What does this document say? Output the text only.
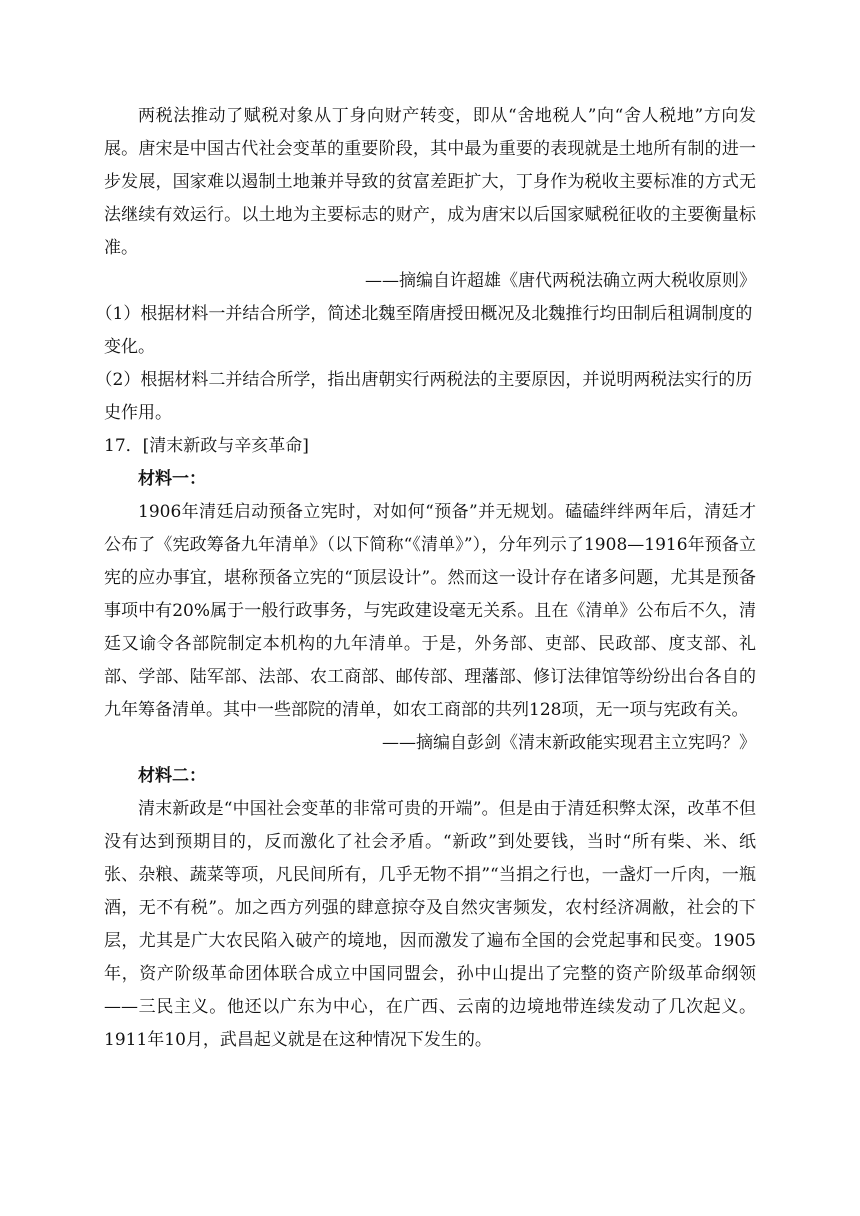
两税法推动了赋税对象从丁身向财产转变，即从“舍地税人”向“舍人税地”方向发展。唐宋是中国古代社会变革的重要阶段，其中最为重要的表现就是土地所有制的进一步发展，国家难以遏制土地兼并导致的贫富差距扩大，丁身作为税收主要标准的方式无法继续有效运行。以土地为主要标志的财产，成为唐宋以后国家赋税征收的主要衡量标准。

——摘编自许超雄《唐代两税法确立两大税收原则》

（1）根据材料一并结合所学，简述北魏至隋唐授田概况及北魏推行均田制后租调制度的变化。

（2）根据材料二并结合所学，指出唐朝实行两税法的主要原因，并说明两税法实行的历史作用。

17．[清末新政与辛亥革命]

材料一：

1906年清廷启动预备立宪时，对如何“预备”并无规划。磕磕绊绊两年后，清廷才公布了《宪政筹备九年清单》（以下简称“《清单》”），分年列示了1908—1916年预备立宪的应办事宜，堪称预备立宪的“顶层设计”。然而这一设计存在诸多问题，尤其是预备事项中有20%属于一般行政事务，与宪政建设毫无关系。且在《清单》公布后不久，清廷又谕令各部院制定本机构的九年清单。于是，外务部、吏部、民政部、度支部、礼部、学部、陆军部、法部、农工商部、邮传部、理藩部、修订法律馆等纷纷出台各自的九年筹备清单。其中一些部院的清单，如农工商部的共列128项，无一项与宪政有关。

——摘编自彭剑《清末新政能实现君主立宪吗？》

材料二：

清末新政是“中国社会变革的非常可贵的开端”。但是由于清廷积弊太深，改革不但没有达到预期目的，反而激化了社会矛盾。“新政”到处要钱，当时“所有柴、米、纸张、杂粮、蔬菜等项，凡民间所有，几乎无物不捐”“当捐之行也，一盏灯一斤肉，一瓶酒，无不有税”。加之西方列强的肆意掠夺及自然灾害频发，农村经济凋敝，社会的下层，尤其是广大农民陷入破产的境地，因而激发了遍布全国的会党起事和民变。1905年，资产阶级革命团体联合成立中国同盟会，孙中山提出了完整的资产阶级革命纲领——三民主义。他还以广东为中心，在广西、云南的边境地带连续发动了几次起义。1911年10月，武昌起义就是在这种情况下发生的。
